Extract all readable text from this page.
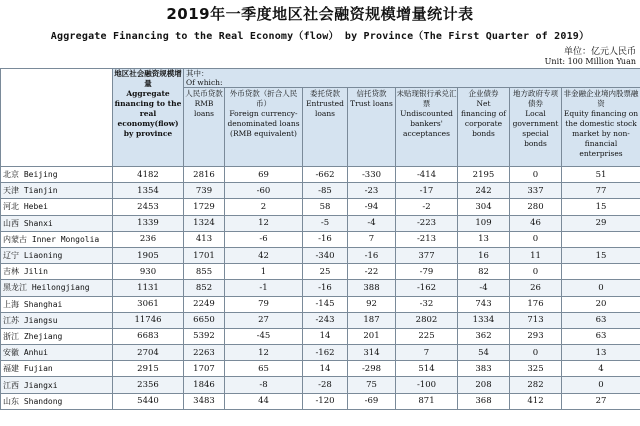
2019年一季度地区社会融资规模增量统计表
Aggregate Financing to the Real Economy（flow） by Province（The First Quarter of 2019）
单位：亿元人民币
Unit: 100 Million Yuan

	地区社会融资规模增量
Aggregate financing to the real economy(flow) by province	其中：
Of which:							

		人民币贷款
RMB loans	外币贷款（折合人民币）
Foreign currency-denominated loans (RMB equivalent)	委托贷款
Entrusted loans	信托贷款
Trust loans	未贴现银行承兑汇票
Undiscounted bankers' acceptances	企业债券
Net financing of corporate bonds	地方政府专项债券
Local government special bonds	非金融企业境内股票融资
Equity financing on the domestic stock market by non-financial enterprises

北京 Beijing	4182	2816	69	-662	-330	-414	2195	0	51
天津 Tianjin	1354	739	-60	-85	-23	-17	242	337	77
河北 Hebei	2453	1729	2	58	-94	-2	304	280	15
山西 Shanxi	1339	1324	12	-5	-4	-223	109	46	29
内蒙古 Inner Mongolia	236	413	-6	-16	7	-213	13	0	
辽宁 Liaoning	1905	1701	42	-340	-16	377	16	11	15
吉林 Jilin	930	855	1	25	-22	-79	82	0	
黑龙江 Heilongjiang	1131	852	-1	-16	388	-162	-4	26	0
上海 Shanghai	3061	2249	79	-145	92	-32	743	176	20
江苏 Jiangsu	11746	6650	27	-243	187	2802	1334	713	63
浙江 Zhejiang	6683	5392	-45	14	201	225	362	293	63
安徽 Anhui	2704	2263	12	-162	314	7	54	0	13
福建 Fujian	2915	1707	65	14	-298	514	383	325	4
江西 Jiangxi	2356	1846	-8	-28	75	-100	208	282	0
山东 Shandong	5440	3483	44	-120	-69	871	368	412	27
